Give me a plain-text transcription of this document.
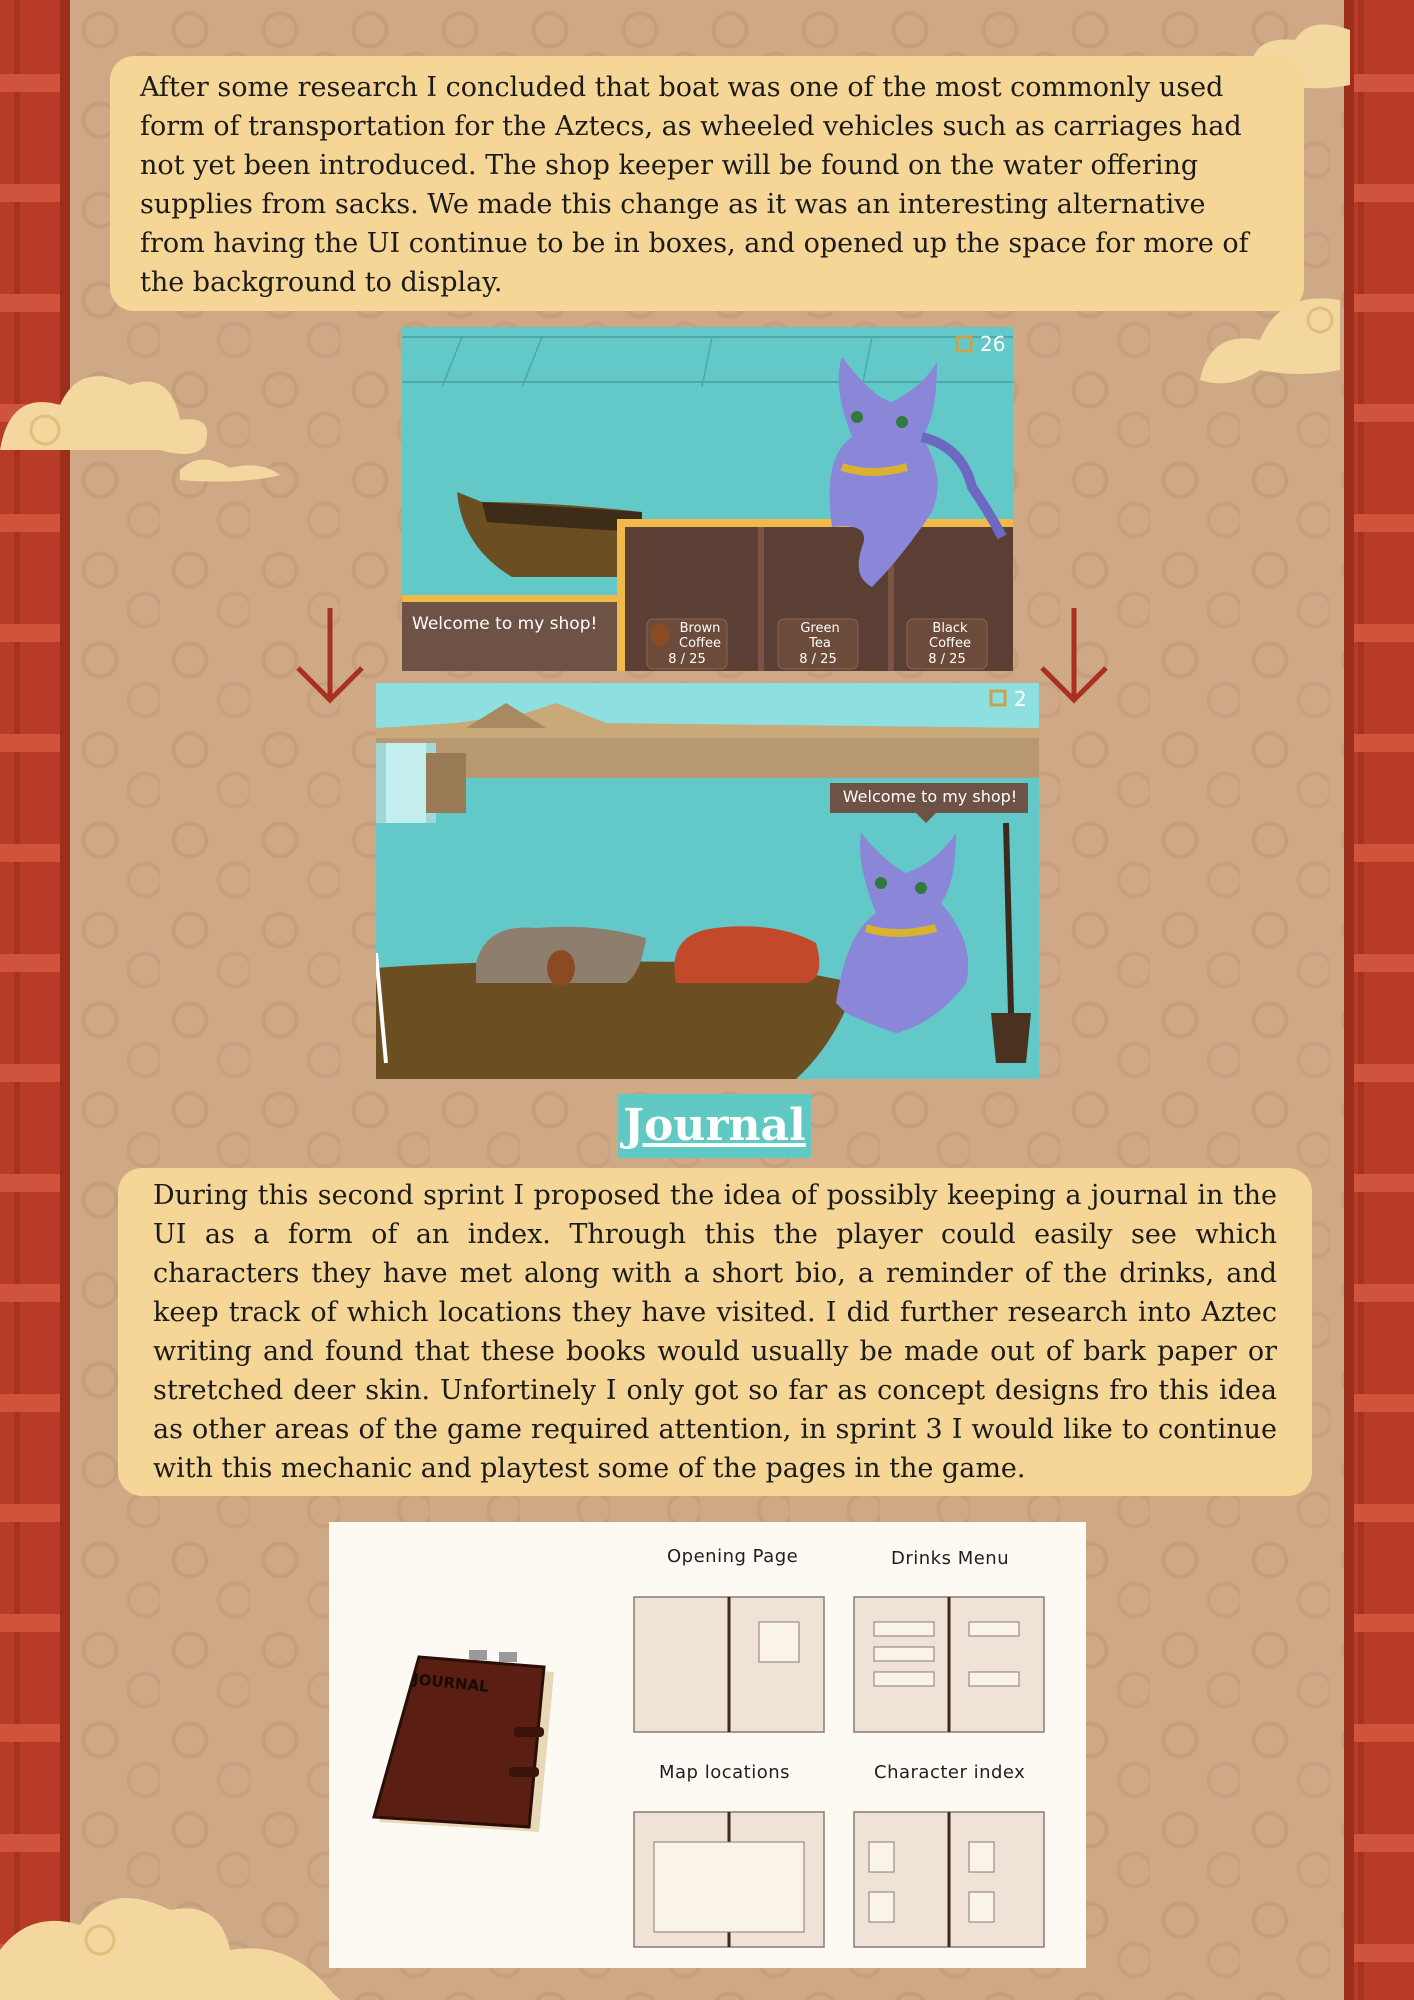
After some research I concluded that boat was one of the most commonly used form of transportation for the Aztecs, as wheeled vehicles such as carriages had not yet been introduced. The shop keeper will be found on the water offering supplies from sacks. We made this change as it was an interesting alternative from having the UI continue to be in boxes, and opened up the space for more of the background to display.
26
Welcome to my shop!	Brown Coffee
8 / 25
Green Tea
8 / 25
Black Coffee
8 / 25
Welcome to my shop!
2
Journal
During this second sprint I proposed the idea of possibly keeping a journal in the UI as a form of an index. Through this the player could easily see which characters they have met along with a short bio, a reminder of the drinks, and keep track of which locations they have visited. I did further research into Aztec writing and found that these books would usually be made out of bark paper or stretched deer skin. Unfortinely I only got so far as concept designs fro this idea as other areas of the game required attention, in sprint 3 I would like to continue with this mechanic and playtest some of the pages in the game.
JOURNAL
Opening Page	Drinks Menu
Map locations	Character index
